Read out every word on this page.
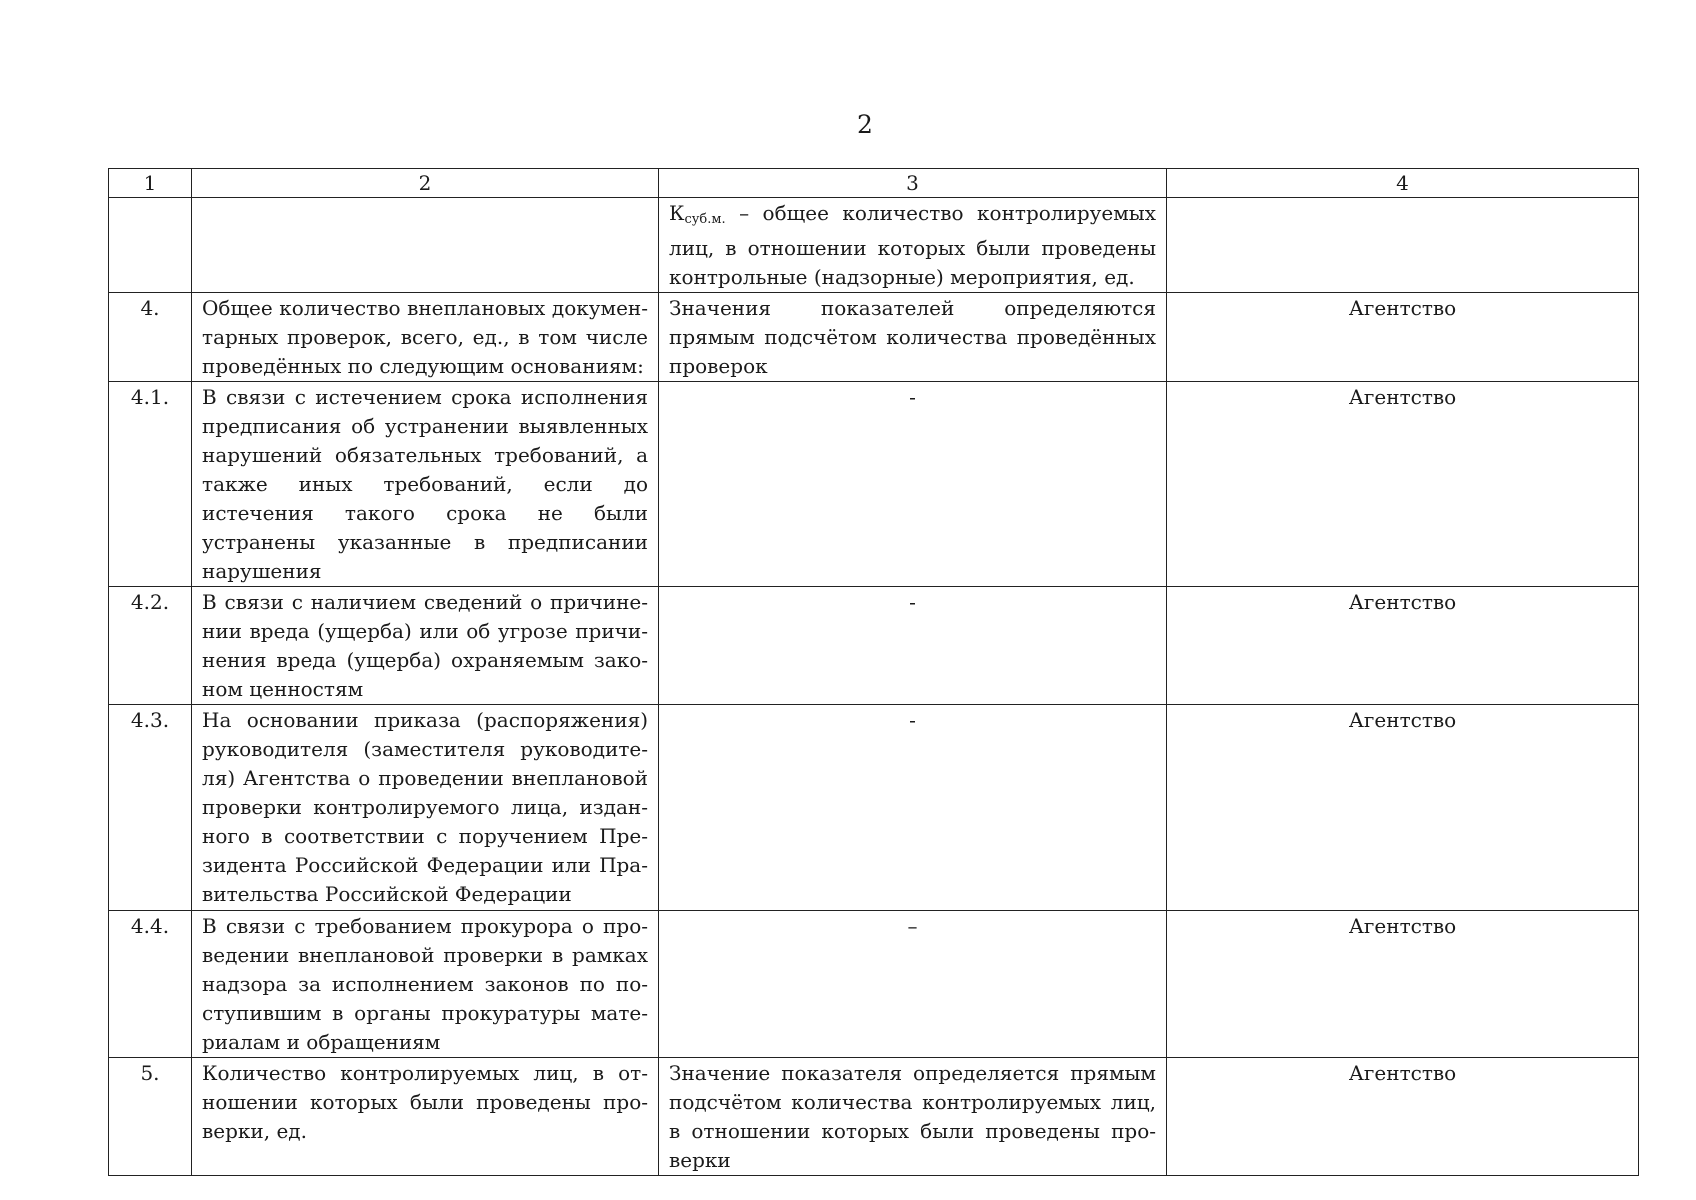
2
1	2	3	4
		$К_{суб.м.}$ – общее количество контролируемых лиц, в отношении которых были проведены контрольные (надзорные) мероприятия, ед.	
4.	Общее количество внеплановых докумен-тарных проверок, всего, ед., в том числе проведённых по следующим основаниям:	Значения показателей определяются прямым подсчётом количества проведённых проверок	Агентство
4.1.	В связи с истечением срока исполнения предписания об устранении выявленных нарушений обязательных требований, а также иных требований, если до истечения такого срока не были устранены указанные в предписании нарушения	-	Агентство
4.2.	В связи с наличием сведений о причине-нии вреда (ущерба) или об угрозе причи-нения вреда (ущерба) охраняемым зако-ном ценностям	-	Агентство
4.3.	На основании приказа (распоряжения) руководителя (заместителя руководите-ля) Агентства о проведении внеплановой проверки контролируемого лица, издан-ного в соответствии с поручением Пре-зидента Российской Федерации или Пра-вительства Российской Федерации	-	Агентство
4.4.	В связи с требованием прокурора о про-ведении внеплановой проверки в рамках надзора за исполнением законов по по-ступившим в органы прокуратуры мате-риалам и обращениям	–	Агентство
5.	Количество контролируемых лиц, в от-ношении которых были проведены про-верки, ед.	Значение показателя определяется прямым подсчётом количества контролируемых лиц, в отношении которых были проведены про-верки	Агентство
